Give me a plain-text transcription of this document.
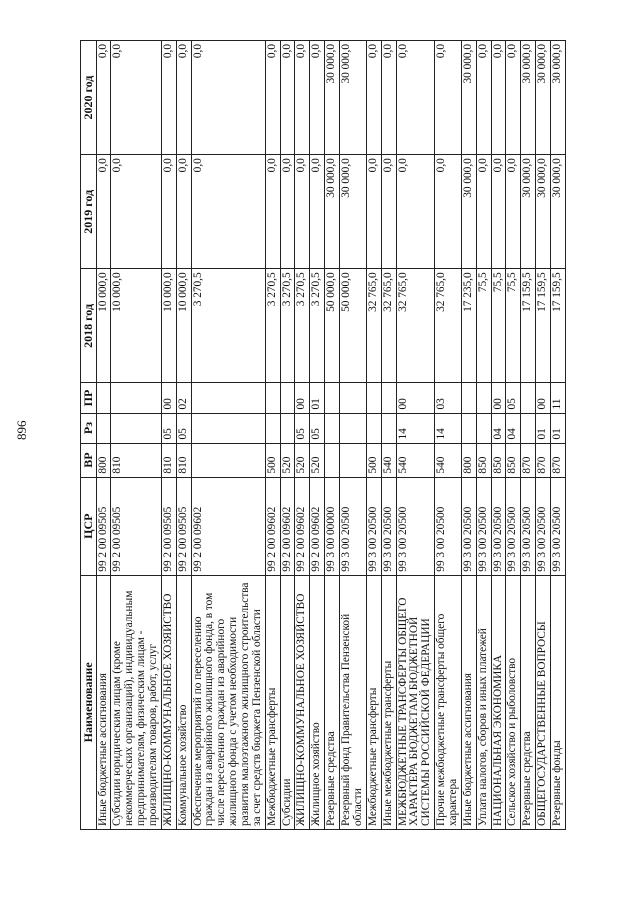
896
Наименование	ЦСР	ВР	Рз	ПР	2018 год	2019 год	2020 год
Иные бюджетные ассигнования	99 2 00 09505	800			10 000,0	0,0	0,0
Субсидии юридическим лицам (кроме некоммерческих организаций), индивидуальным предпринимателям, физическим лицам - производителям товаров, работ, услуг	99 2 00 09505	810			10 000,0	0,0	0,0
ЖИЛИЩНО-КОММУНАЛЬНОЕ ХОЗЯЙСТВО	99 2 00 09505	810	05	00	10 000,0	0,0	0,0
Коммунальное хозяйство	99 2 00 09505	810	05	02	10 000,0	0,0	0,0
Обеспечение мероприятий по переселению граждан из аварийного жилищного фонда, в том числе переселению граждан из аварийного жилищного фонда с учетом необходимости развития малоэтажного жилищного строительства за счет средств бюджета Пензенской области	99 2 00 09602				3 270,5	0,0	0,0
Межбюджетные трансферты	99 2 00 09602	500			3 270,5	0,0	0,0
Субсидии	99 2 00 09602	520			3 270,5	0,0	0,0
ЖИЛИЩНО-КОММУНАЛЬНОЕ ХОЗЯЙСТВО	99 2 00 09602	520	05	00	3 270,5	0,0	0,0
Жилищное хозяйство	99 2 00 09602	520	05	01	3 270,5	0,0	0,0
Резервные средства	99 3 00 00000				50 000,0	30 000,0	30 000,0
Резервный фонд Правительства Пензенской области	99 3 00 20500				50 000,0	30 000,0	30 000,0
Межбюджетные трансферты	99 3 00 20500	500			32 765,0	0,0	0,0
Иные межбюджетные трансферты	99 3 00 20500	540			32 765,0	0,0	0,0
МЕЖБЮДЖЕТНЫЕ ТРАНСФЕРТЫ ОБЩЕГО ХАРАКТЕРА БЮДЖЕТАМ БЮДЖЕТНОЙ СИСТЕМЫ РОССИЙСКОЙ ФЕДЕРАЦИИ	99 3 00 20500	540	14	00	32 765,0	0,0	0,0
Прочие межбюджетные трансферты общего характера	99 3 00 20500	540	14	03	32 765,0	0,0	0,0
Иные бюджетные ассигнования	99 3 00 20500	800			17 235,0	30 000,0	30 000,0
Уплата налогов, сборов и иных платежей	99 3 00 20500	850			75,5	0,0	0,0
НАЦИОНАЛЬНАЯ ЭКОНОМИКА	99 3 00 20500	850	04	00	75,5	0,0	0,0
Сельское хозяйство и рыболовство	99 3 00 20500	850	04	05	75,5	0,0	0,0
Резервные средства	99 3 00 20500	870			17 159,5	30 000,0	30 000,0
ОБЩЕГОСУДАРСТВЕННЫЕ ВОПРОСЫ	99 3 00 20500	870	01	00	17 159,5	30 000,0	30 000,0
Резервные фонды	99 3 00 20500	870	01	11	17 159,5	30 000,0	30 000,0
